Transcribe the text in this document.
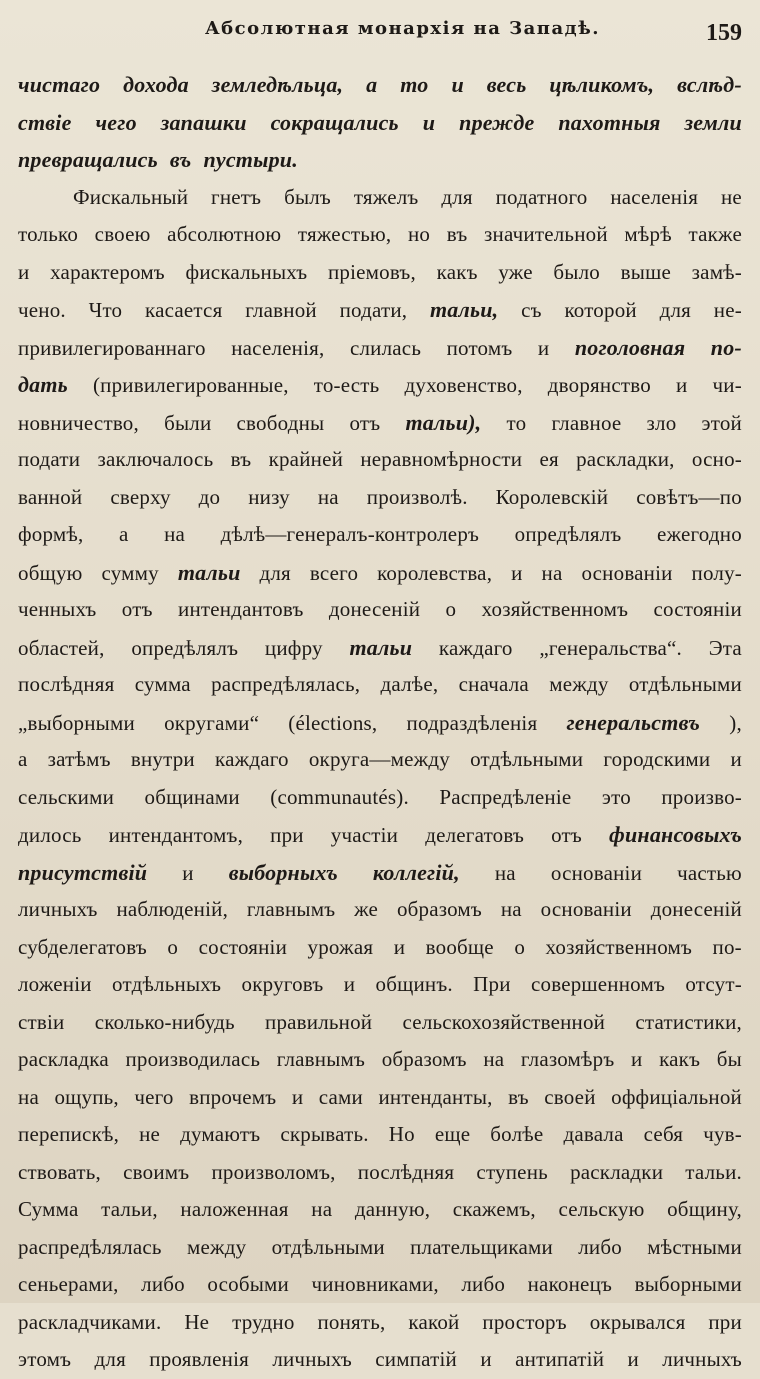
Абсолютная монархія на Западѣ.	159
чистаго дохода земледѣльца, а то и весь цѣликомъ, вслѣд-
ствіе чего запашки сокращались и прежде пахотныя земли
превращались въ пустыри.
Фискальный гнетъ былъ тяжелъ для податного населенія не
только своею абсолютною тяжестью, но въ значительной мѣрѣ также
и характеромъ фискальныхъ пріемовъ, какъ уже было выше замѣ-
чено. Что касается главной подати, тальи, съ которой для не-
привилегированнаго населенія, слилась потомъ и поголовная по-
дать (привилегированные, то-есть духовенство, дворянство и чи-
новничество, были свободны отъ тальи), то главное зло этой
подати заключалось въ крайней неравномѣрности ея раскладки, осно-
ванной сверху до низу на произволѣ. Королевскій совѣтъ—по
формѣ, а на дѣлѣ—генералъ-контролеръ опредѣлялъ ежегодно
общую сумму тальи для всего королевства, и на основаніи полу-
ченныхъ отъ интендантовъ донесеній о хозяйственномъ состояніи
областей, опредѣлялъ цифру тальи каждаго „генеральства“. Эта
послѣдняя сумма распредѣлялась, далѣе, сначала между отдѣльными
„выборными округами“ (élections, подраздѣленія генеральствъ ),
а затѣмъ внутри каждаго округа—между отдѣльными городскими и
сельскими общинами (communautés). Распредѣленіе это произво-
дилось интендантомъ, при участіи делегатовъ отъ финансовыхъ
присутствій и выборныхъ коллегій, на основаніи частью
личныхъ наблюденій, главнымъ же образомъ на основаніи донесеній
субделегатовъ о состояніи урожая и вообще о хозяйственномъ по-
ложеніи отдѣльныхъ округовъ и общинъ. При совершенномъ отсут-
ствіи сколько-нибудь правильной сельскохозяйственной статистики,
раскладка производилась главнымъ образомъ на глазомѣръ и какъ бы
на ощупь, чего впрочемъ и сами интенданты, въ своей оффиціальной
перепискѣ, не думаютъ скрывать. Но еще болѣе давала себя чув-
ствовать, своимъ произволомъ, послѣдняя ступень раскладки тальи.
Сумма тальи, наложенная на данную, скажемъ, сельскую общину,
распредѣлялась между отдѣльными плательщиками либо мѣстными
сеньерами, либо особыми чиновниками, либо наконецъ выборными
раскладчиками. Не трудно понять, какой просторъ окрывался при
этомъ для проявленія личныхъ симпатій и антипатій и личныхъ
